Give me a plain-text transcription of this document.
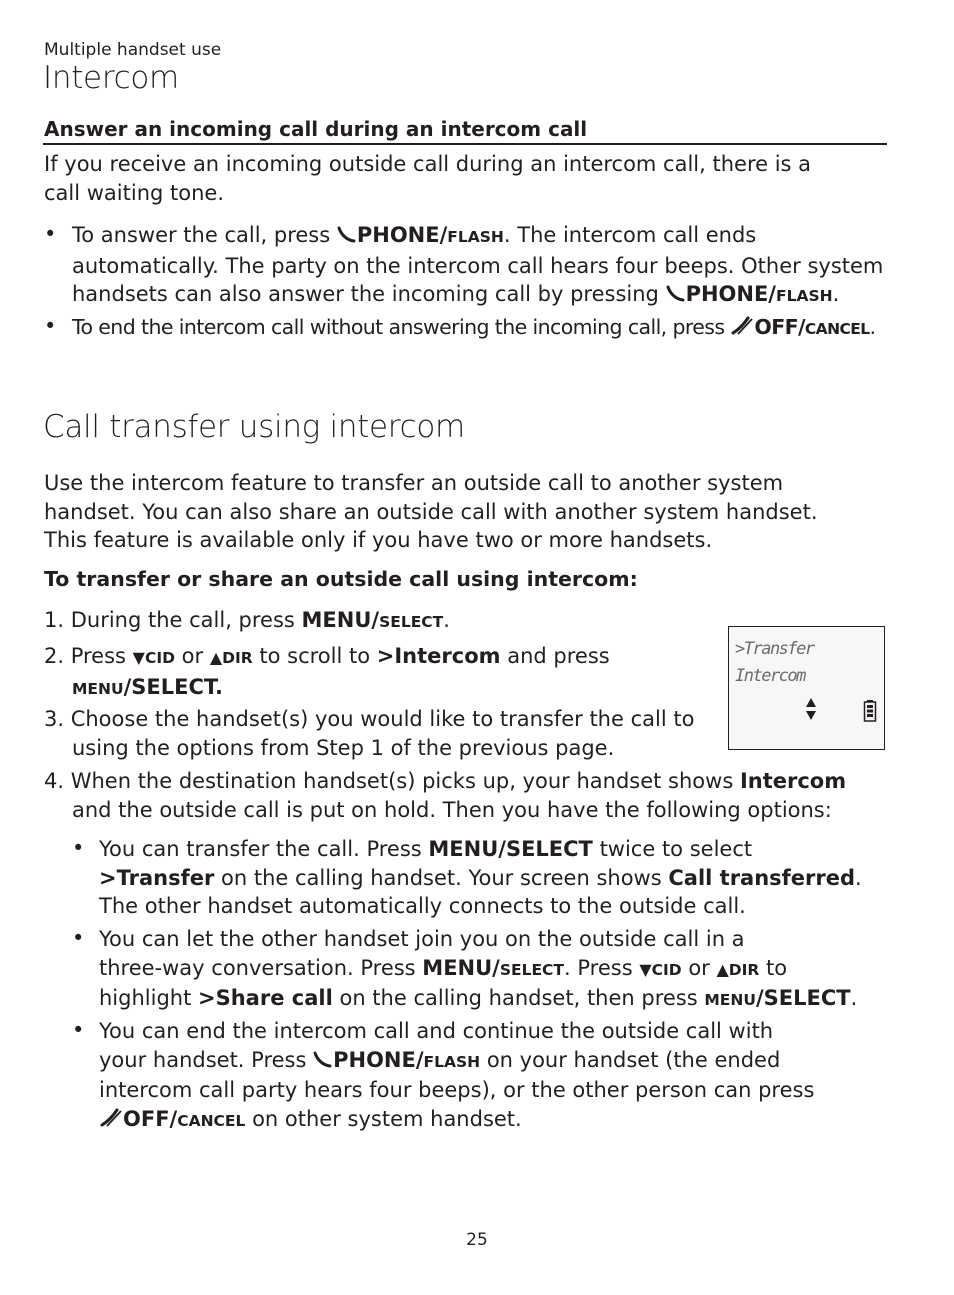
Multiple handset use
Intercom
Answer an incoming call during an intercom call
If you receive an incoming outside call during an intercom call, there is a
call waiting tone.
• To answer the call, press PHONE/FLASH. The intercom call ends
automatically. The party on the intercom call hears four beeps. Other system
handsets can also answer the incoming call by pressing PHONE/FLASH.
• To end the intercom call without answering the incoming call, press OFF/CANCEL.
Call transfer using intercom
Use the intercom feature to transfer an outside call to another system
handset. You can also share an outside call with another system handset.
This feature is available only if you have two or more handsets.
To transfer or share an outside call using intercom:
1. During the call, press MENU/SELECT.
2. Press ▼CID or ▲DIR to scroll to >Intercom and press
MENU/SELECT.
3. Choose the handset(s) you would like to transfer the call to
using the options from Step 1 of the previous page.
>Transfer
Intercom
4. When the destination handset(s) picks up, your handset shows Intercom
and the outside call is put on hold. Then you have the following options:
• You can transfer the call. Press MENU/SELECT twice to select
>Transfer on the calling handset. Your screen shows Call transferred.
The other handset automatically connects to the outside call.
• You can let the other handset join you on the outside call in a
three-way conversation. Press MENU/SELECT. Press ▼CID or ▲DIR to
highlight >Share call on the calling handset, then press MENU/SELECT.
• You can end the intercom call and continue the outside call with
your handset. Press PHONE/FLASH on your handset (the ended
intercom call party hears four beeps), or the other person can press
OFF/CANCEL on other system handset.
25
